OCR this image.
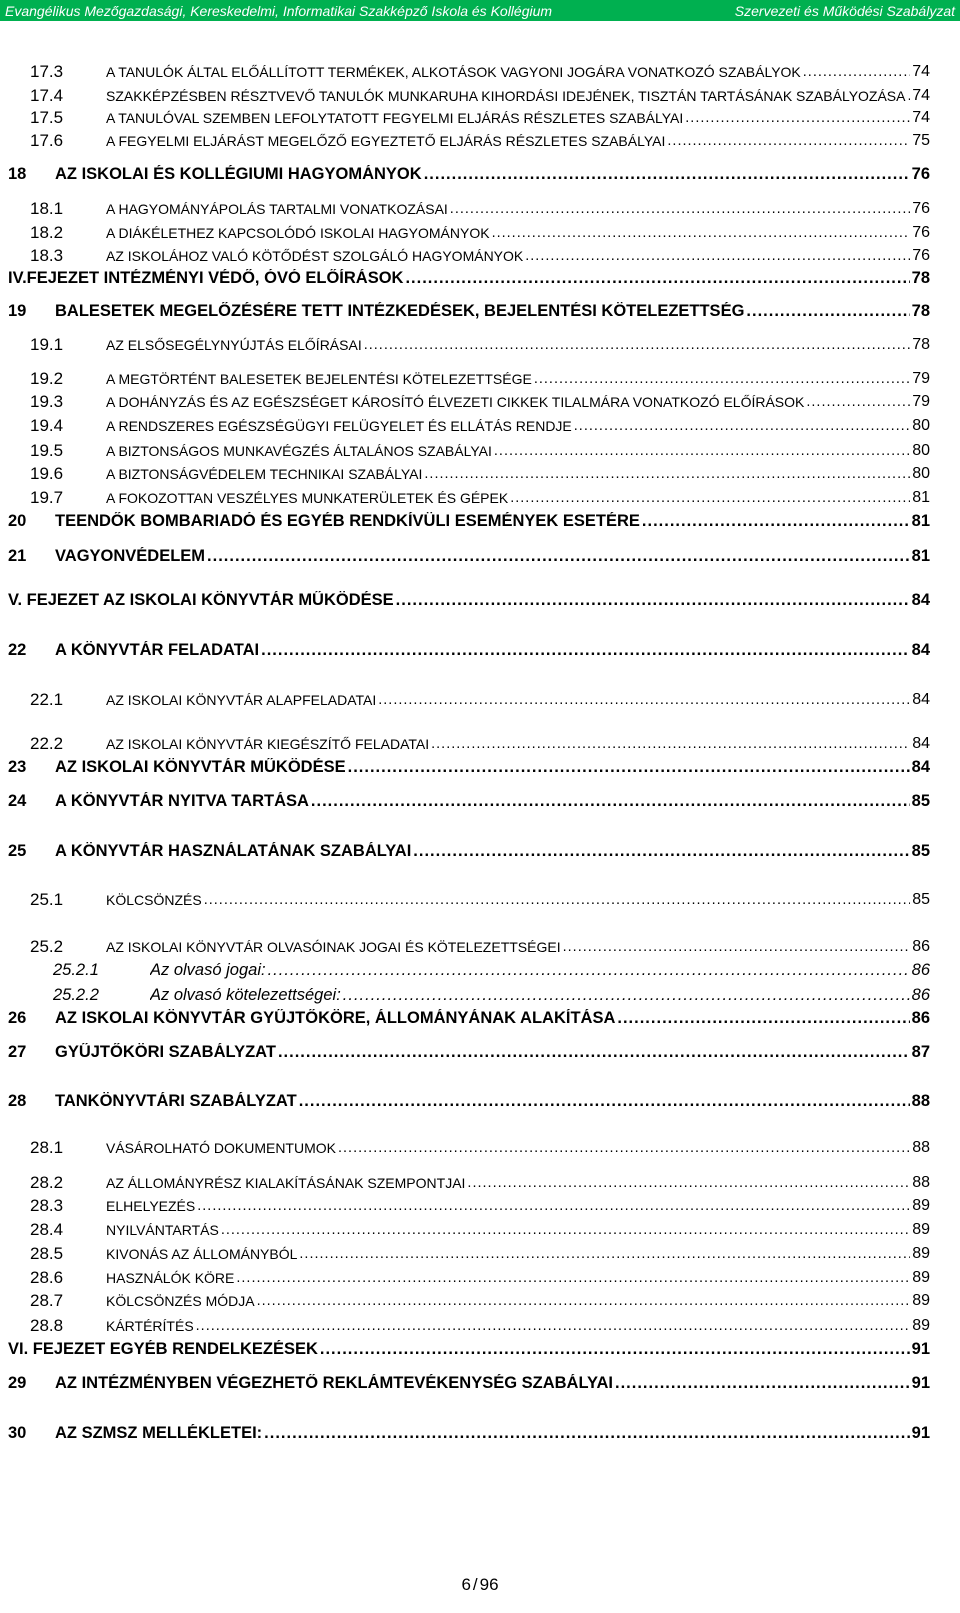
Evangélikus Mezőgazdasági, Kereskedelmi, Informatikai Szakképző Iskola és Kollégium	Szervezeti és Működési Szabályzat
17.3	A TANULÓK ÁLTAL ELŐÁLLÍTOTT TERMÉKEK, ALKOTÁSOK VAGYONI JOGÁRA VONATKOZÓ SZABÁLYOK .....	74
17.4	SZAKKÉPZÉSBEN RÉSZTVEVŐ TANULÓK MUNKARUHA KIHORDÁSI IDEJÉNEK, TISZTÁN TARTÁSÁNAK SZABÁLYOZÁSA ..... 74
17.5	A TANULÓVAL SZEMBEN LEFOLYTATOTT FEGYELMI ELJÁRÁS RÉSZLETES SZABÁLYAI .....	74
17.6	A FEGYELMI ELJÁRÁST MEGELŐZŐ EGYEZTETŐ ELJÁRÁS RÉSZLETES SZABÁLYAI .....	75
18 AZ ISKOLAI ÉS KOLLÉGIUMI HAGYOMÁNYOK .....	76
18.1	A HAGYOMÁNYÁPOLÁS TARTALMI VONATKOZÁSAI .....	76
18.2	A DIÁKÉLETHEZ KAPCSOLÓDÓ ISKOLAI HAGYOMÁNYOK .....	76
18.3	AZ ISKOLÁHOZ VALÓ KÖTŐDÉST SZOLGÁLÓ HAGYOMÁNYOK .....	76
IV.FEJEZET INTÉZMÉNYI VÉDŐ, ÓVÓ ELŐÍRÁSOK .....	78
19 BALESETEK MEGELŐZÉSÉRE TETT INTÉZKEDÉSEK, BEJELENTÉSI KÖTELEZETTSÉG .....	78
19.1	AZ ELSŐSEGÉLYNYÚJTÁS ELŐÍRÁSAI .....	78
19.2	A MEGTÖRTÉNT BALESETEK BEJELENTÉSI KÖTELEZETTSÉGE .....	79
19.3	A DOHÁNYZÁS ÉS AZ EGÉSZSÉGET KÁROSÍTÓ ÉLVEZETI CIKKEK TILALMÁRA VONATKOZÓ ELŐÍRÁSOK .....	79
19.4	A RENDSZERES EGÉSZSÉGÜGYI FELÜGYELET ÉS ELLÁTÁS RENDJE .....	80
19.5	A BIZTONSÁGOS MUNKAVÉGZÉS ÁLTALÁNOS SZABÁLYAI .....	80
19.6	A BIZTONSÁGVÉDELEM TECHNIKAI SZABÁLYAI .....	80
19.7	A FOKOZOTTAN VESZÉLYES MUNKATERÜLETEK ÉS GÉPEK .....	81
20 TEENDŐK BOMBARIADÓ ÉS EGYÉB RENDKÍVÜLI ESEMÉNYEK ESETÉRE .....	81
21 VAGYONVÉDELEM .....	81
V. FEJEZET AZ ISKOLAI KÖNYVTÁR MŰKÖDÉSE .....	84
22 A KÖNYVTÁR FELADATAI .....	84
22.1	AZ ISKOLAI KÖNYVTÁR ALAPFELADATAI .....	84
22.2	AZ ISKOLAI KÖNYVTÁR KIEGÉSZÍTŐ FELADATAI .....	84
23 AZ ISKOLAI KÖNYVTÁR MŰKÖDÉSE .....	84
24 A KÖNYVTÁR NYITVA TARTÁSA .....	85
25 A KÖNYVTÁR HASZNÁLATÁNAK SZABÁLYAI .....	85
25.1	KÖLCSÖNZÉS .....	85
25.2	AZ ISKOLAI KÖNYVTÁR OLVASÓINAK JOGAI ÉS KÖTELEZETTSÉGEI .....	86
25.2.1	Az olvasó jogai: .....	86
25.2.2	Az olvasó kötelezettségei: .....	86
26 AZ ISKOLAI KÖNYVTÁR GYŰJTŐKÖRE, ÁLLOMÁNYÁNAK ALAKÍTÁSA .....	86
27 GYŰJTŐKÖRI SZABÁLYZAT .....	87
28 TANKÖNYVTÁRI SZABÁLYZAT .....	88
28.1	VÁSÁROLHATÓ DOKUMENTUMOK .....	88
28.2	AZ ÁLLOMÁNYRÉSZ KIALAKÍTÁSÁNAK SZEMPONTJAI .....	88
28.3	ELHELYEZÉS .....	89
28.4	NYILVÁNTARTÁS .....	89
28.5	KIVONÁS AZ ÁLLOMÁNYBÓL .....	89
28.6	HASZNÁLÓK KÖRE .....	89
28.7	KÖLCSÖNZÉS MÓDJA .....	89
28.8	KÁRTÉRÍTÉS .....	89
VI. FEJEZET EGYÉB RENDELKEZÉSEK .....	91
29 AZ INTÉZMÉNYBEN VÉGEZHETŐ REKLÁMTEVÉKENYSÉG SZABÁLYAI .....	91
30 AZ SZMSZ MELLÉKLETEI: .....	91
6 / 96
